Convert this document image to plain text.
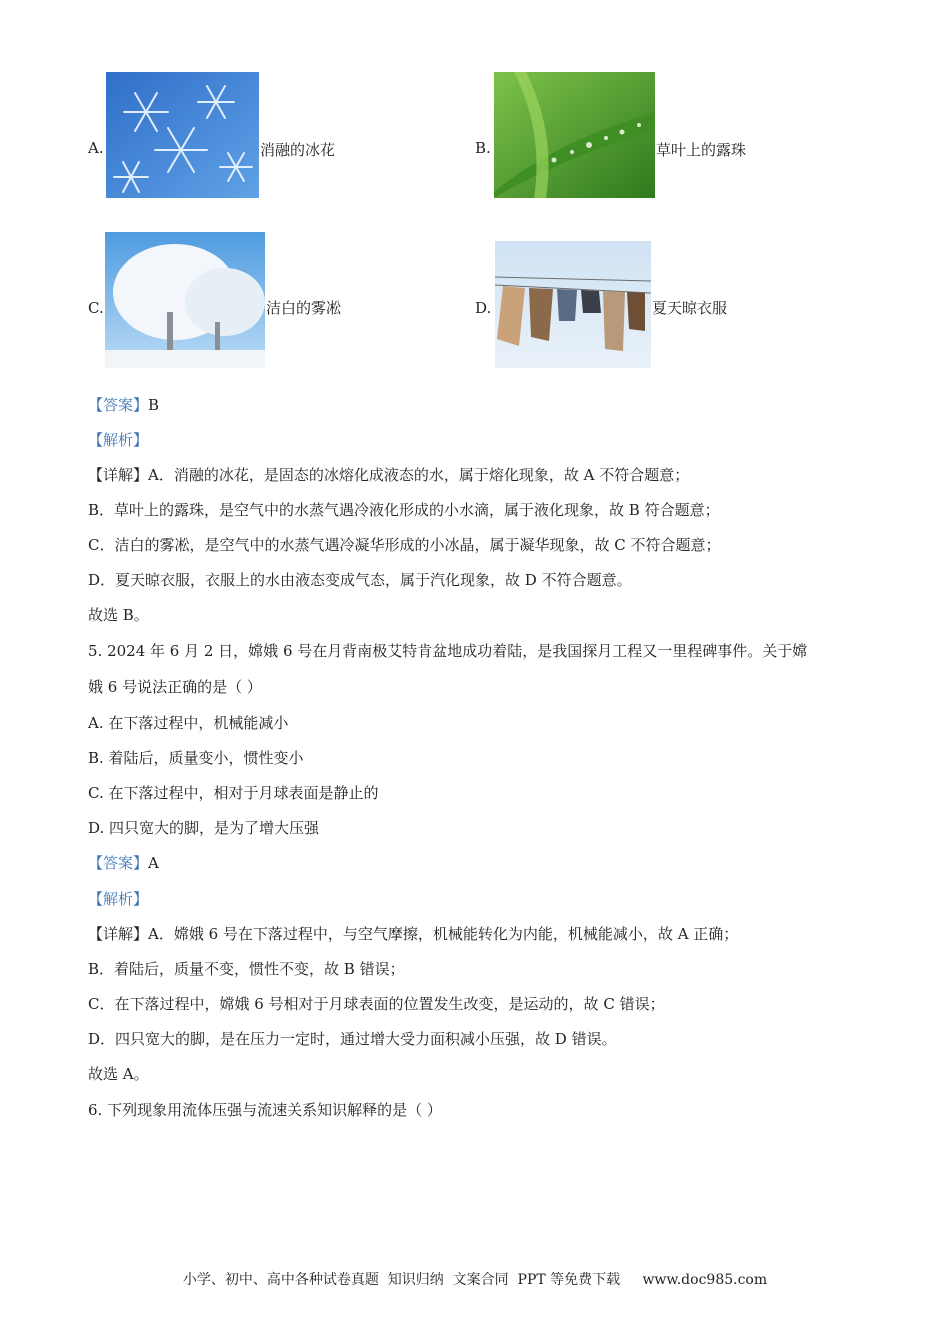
A.	消融的冰花	B.	草叶上的露珠
C.	洁白的雾凇	D.	夏天晾衣服
【答案】B
【解析】
【详解】A．消融的冰花，是固态的冰熔化成液态的水，属于熔化现象，故 A 不符合题意；
B．草叶上的露珠，是空气中的水蒸气遇冷液化形成的小水滴，属于液化现象，故 B 符合题意；
C．洁白的雾凇，是空气中的水蒸气遇冷凝华形成的小冰晶，属于凝华现象，故 C 不符合题意；
D．夏天晾衣服，衣服上的水由液态变成气态，属于汽化现象，故 D 不符合题意。
故选 B。
5. 2024 年 6 月 2 日，嫦娥 6 号在月背南极艾特肯盆地成功着陆，是我国探月工程又一里程碑事件。关于嫦
娥 6 号说法正确的是（ ）
A. 在下落过程中，机械能减小
B. 着陆后，质量变小，惯性变小
C. 在下落过程中，相对于月球表面是静止的
D. 四只宽大的脚，是为了增大压强
【答案】A
【解析】
【详解】A．嫦娥 6 号在下落过程中，与空气摩擦，机械能转化为内能，机械能减小，故 A 正确；
B．着陆后，质量不变，惯性不变，故 B 错误；
C．在下落过程中，嫦娥 6 号相对于月球表面的位置发生改变，是运动的，故 C 错误；
D．四只宽大的脚，是在压力一定时，通过增大受力面积减小压强，故 D 错误。
故选 A。
6. 下列现象用流体压强与流速关系知识解释的是（ ）
小学、初中、高中各种试卷真题  知识归纳  文案合同  PPT 等免费下载     www.doc985.com
